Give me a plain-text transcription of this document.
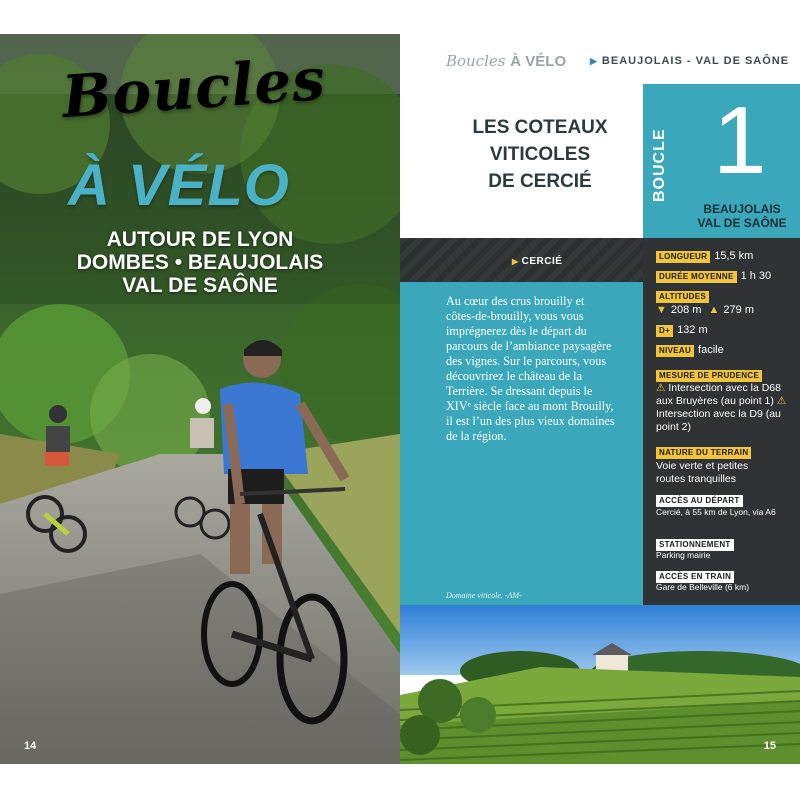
Boucles
À VÉLO
AUTOUR DE LYON
DOMBES • BEAUJOLAIS
VAL DE SAÔNE
14
Boucles À VÉLO	▶ BEAUJOLAIS - VAL DE SAÔNE
LES COTEAUX
VITICOLES
DE CERCIÉ	BOUCLE 1
BEAUJOLAIS
VAL DE SAÔNE
▶ CERCIÉ
Au cœur des crus brouilly et côtes-de-brouilly, vous vous imprégnerez dès le départ du parcours de l’ambiance paysagère des vignes. Sur le parcours, vous découvrirez le château de la Terrière. Se dressant depuis le XIVᵉ siècle face au mont Brouilly, il est l’un des plus vieux domaines de la région.
Domaine viticole. -AM-
LONGUEUR 15,5 km
DURÉE MOYENNE 1 h 30
ALTITUDES
▼ 208 m ▲ 279 m
D+ 132 m
NIVEAU facile
MESURE DE PRUDENCE
⚠ Intersection avec la D68 aux Bruyères (au point 1) ⚠ Intersection avec la D9 (au point 2)
NATURE DU TERRAIN
Voie verte et petites routes tranquilles
ACCÈS AU DÉPART
Cercié, à 55 km de Lyon, via A6
STATIONNEMENT
Parking mairie
ACCÈS EN TRAIN
Gare de Belleville (6 km)
15
